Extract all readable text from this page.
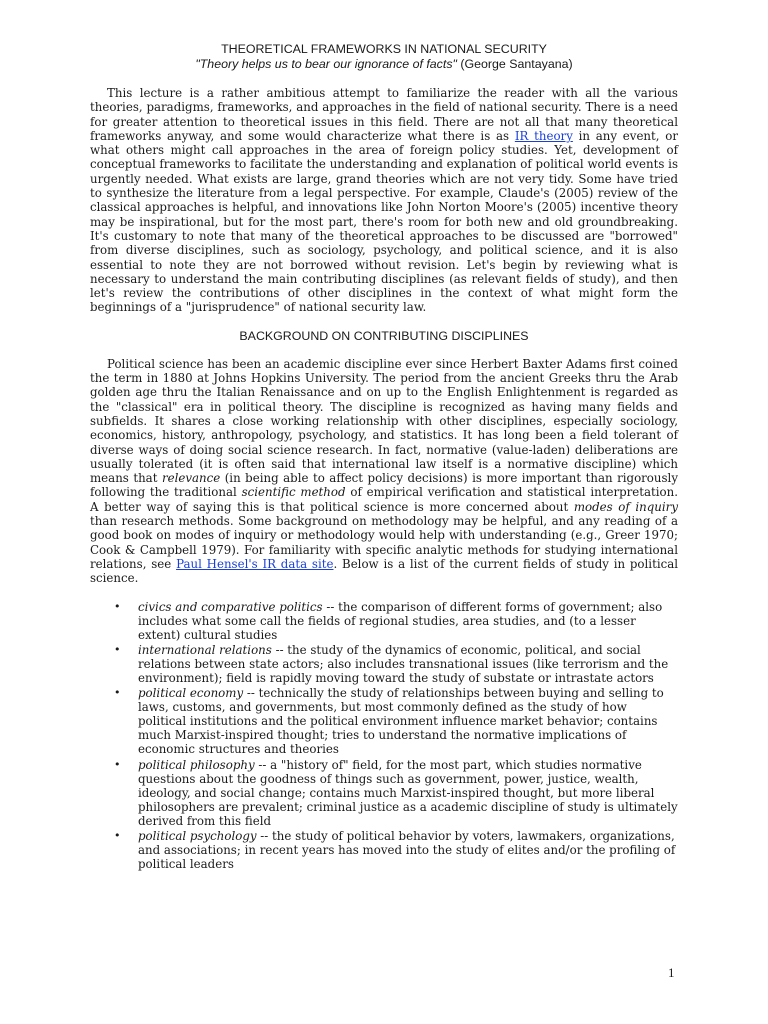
THEORETICAL FRAMEWORKS IN NATIONAL SECURITY
"Theory helps us to bear our ignorance of facts" (George Santayana)

This lecture is a rather ambitious attempt to familiarize the reader with all the various theories, paradigms, frameworks, and approaches in the field of national security. There is a need for greater attention to theoretical issues in this field. There are not all that many theoretical frameworks anyway, and some would characterize what there is as IR theory in any event, or what others might call approaches in the area of foreign policy studies. Yet, development of conceptual frameworks to facilitate the understanding and explanation of political world events is urgently needed. What exists are large, grand theories which are not very tidy. Some have tried to synthesize the literature from a legal perspective. For example, Claude's (2005) review of the classical approaches is helpful, and innovations like John Norton Moore's (2005) incentive theory may be inspirational, but for the most part, there's room for both new and old groundbreaking. It's customary to note that many of the theoretical approaches to be discussed are "borrowed" from diverse disciplines, such as sociology, psychology, and political science, and it is also essential to note they are not borrowed without revision. Let's begin by reviewing what is necessary to understand the main contributing disciplines (as relevant fields of study), and then let's review the contributions of other disciplines in the context of what might form the beginnings of a "jurisprudence" of national security law.

BACKGROUND ON CONTRIBUTING DISCIPLINES

Political science has been an academic discipline ever since Herbert Baxter Adams first coined the term in 1880 at Johns Hopkins University. The period from the ancient Greeks thru the Arab golden age thru the Italian Renaissance and on up to the English Enlightenment is regarded as the "classical" era in political theory. The discipline is recognized as having many fields and subfields. It shares a close working relationship with other disciplines, especially sociology, economics, history, anthropology, psychology, and statistics. It has long been a field tolerant of diverse ways of doing social science research. In fact, normative (value-laden) deliberations are usually tolerated (it is often said that international law itself is a normative discipline) which means that relevance (in being able to affect policy decisions) is more important than rigorously following the traditional scientific method of empirical verification and statistical interpretation. A better way of saying this is that political science is more concerned about modes of inquiry than research methods. Some background on methodology may be helpful, and any reading of a good book on modes of inquiry or methodology would help with understanding (e.g., Greer 1970; Cook & Campbell 1979). For familiarity with specific analytic methods for studying international relations, see Paul Hensel's IR data site. Below is a list of the current fields of study in political science.

• civics and comparative politics -- the comparison of different forms of government; also includes what some call the fields of regional studies, area studies, and (to a lesser extent) cultural studies
• international relations -- the study of the dynamics of economic, political, and social relations between state actors; also includes transnational issues (like terrorism and the environment); field is rapidly moving toward the study of substate or intrastate actors
• political economy -- technically the study of relationships between buying and selling to laws, customs, and governments, but most commonly defined as the study of how political institutions and the political environment influence market behavior; contains much Marxist-inspired thought; tries to understand the normative implications of economic structures and theories
• political philosophy -- a "history of" field, for the most part, which studies normative questions about the goodness of things such as government, power, justice, wealth, ideology, and social change; contains much Marxist-inspired thought, but more liberal philosophers are prevalent; criminal justice as a academic discipline of study is ultimately derived from this field
• political psychology -- the study of political behavior by voters, lawmakers, organizations, and associations; in recent years has moved into the study of elites and/or the profiling of political leaders
1
